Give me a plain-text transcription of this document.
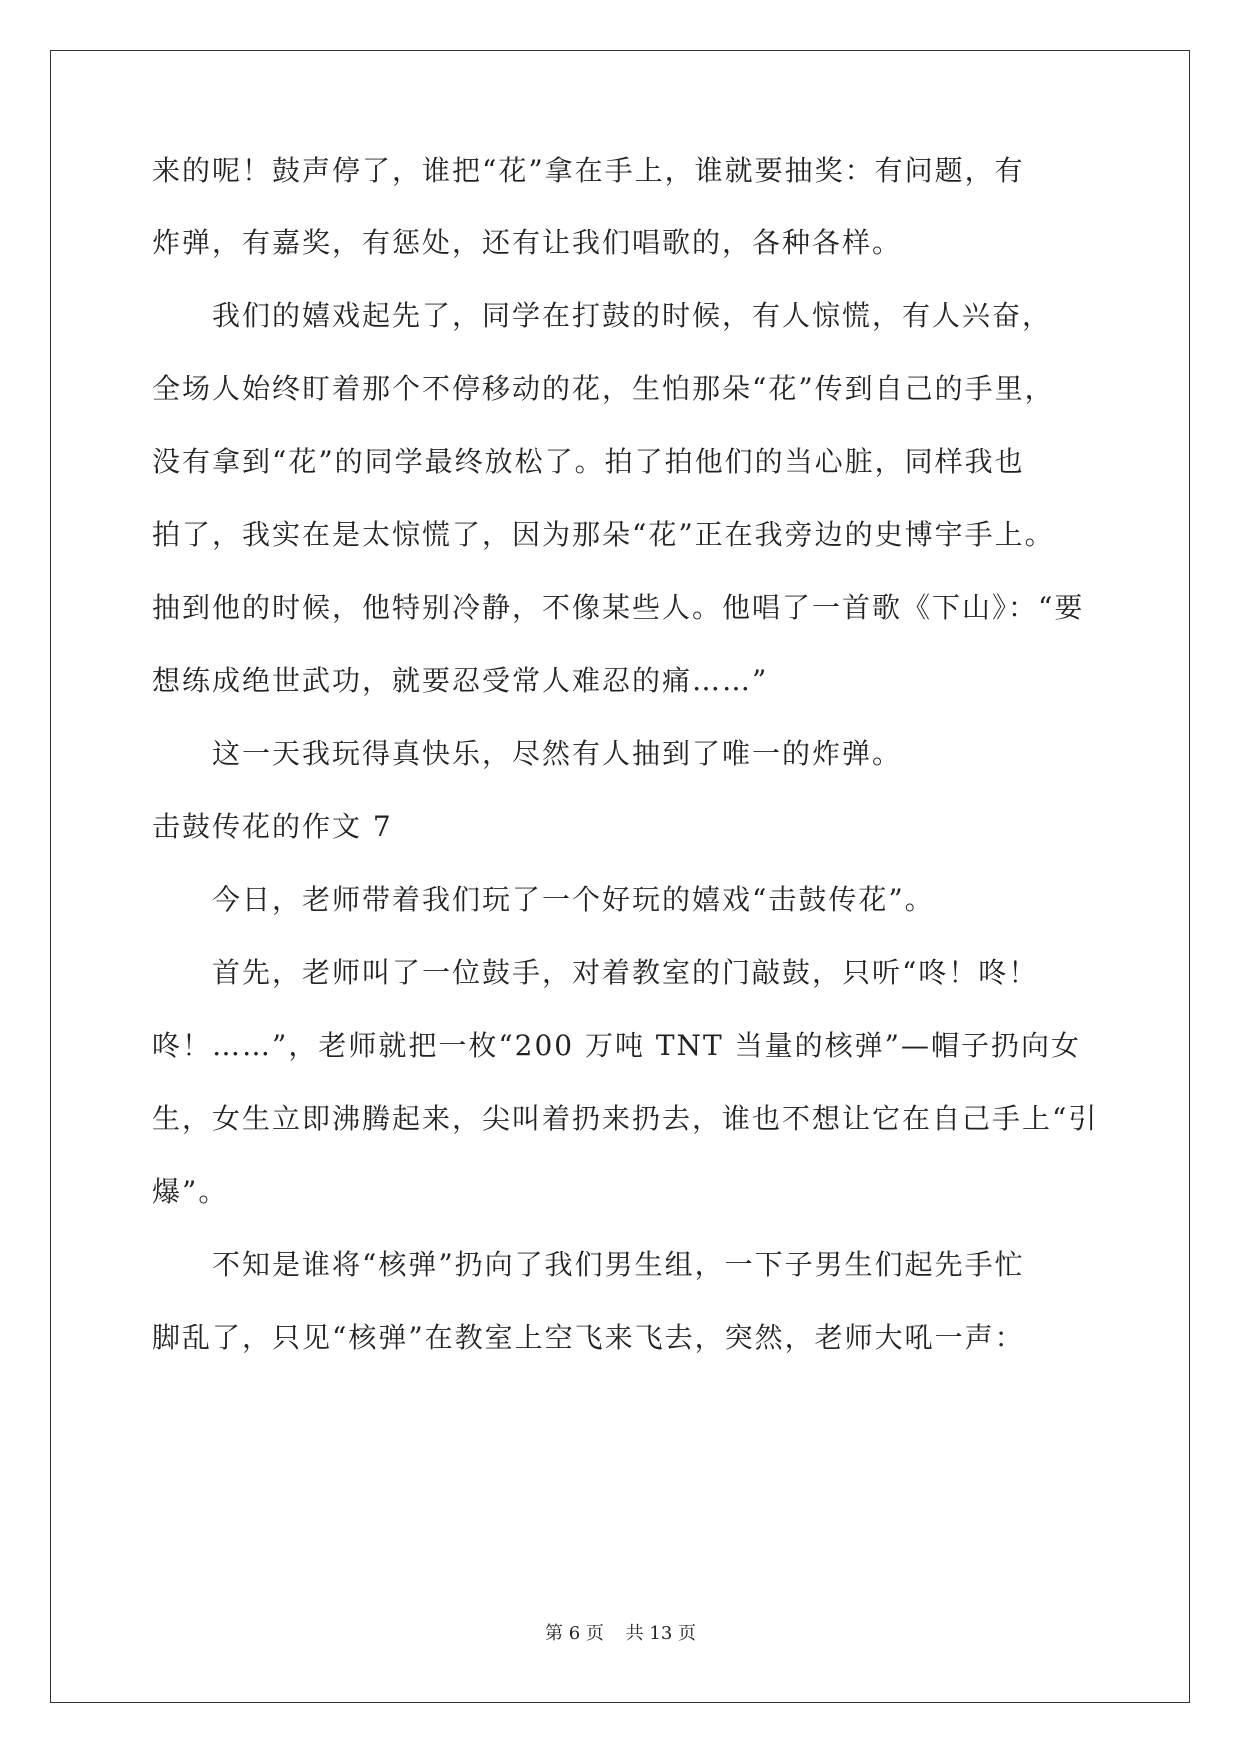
来的呢！鼓声停了，谁把“花”拿在手上，谁就要抽奖：有问题，有
炸弹，有嘉奖，有惩处，还有让我们唱歌的，各种各样。
我们的嬉戏起先了，同学在打鼓的时候，有人惊慌，有人兴奋，
全场人始终盯着那个不停移动的花，生怕那朵“花”传到自己的手里，
没有拿到“花”的同学最终放松了。拍了拍他们的当心脏，同样我也
拍了，我实在是太惊慌了，因为那朵“花”正在我旁边的史博宇手上。
抽到他的时候，他特别冷静，不像某些人。他唱了一首歌《下山》：“要
想练成绝世武功，就要忍受常人难忍的痛……”
这一天我玩得真快乐，尽然有人抽到了唯一的炸弹。
击鼓传花的作文 7
今日，老师带着我们玩了一个好玩的嬉戏“击鼓传花”。
首先，老师叫了一位鼓手，对着教室的门敲鼓，只听“咚！咚！
咚！……”，老师就把一枚“200 万吨 TNT 当量的核弹”—帽子扔向女
生，女生立即沸腾起来，尖叫着扔来扔去，谁也不想让它在自己手上“引
爆”。
不知是谁将“核弹”扔向了我们男生组，一下子男生们起先手忙
脚乱了，只见“核弹”在教室上空飞来飞去，突然，老师大吼一声：
第 6 页 共 13 页
